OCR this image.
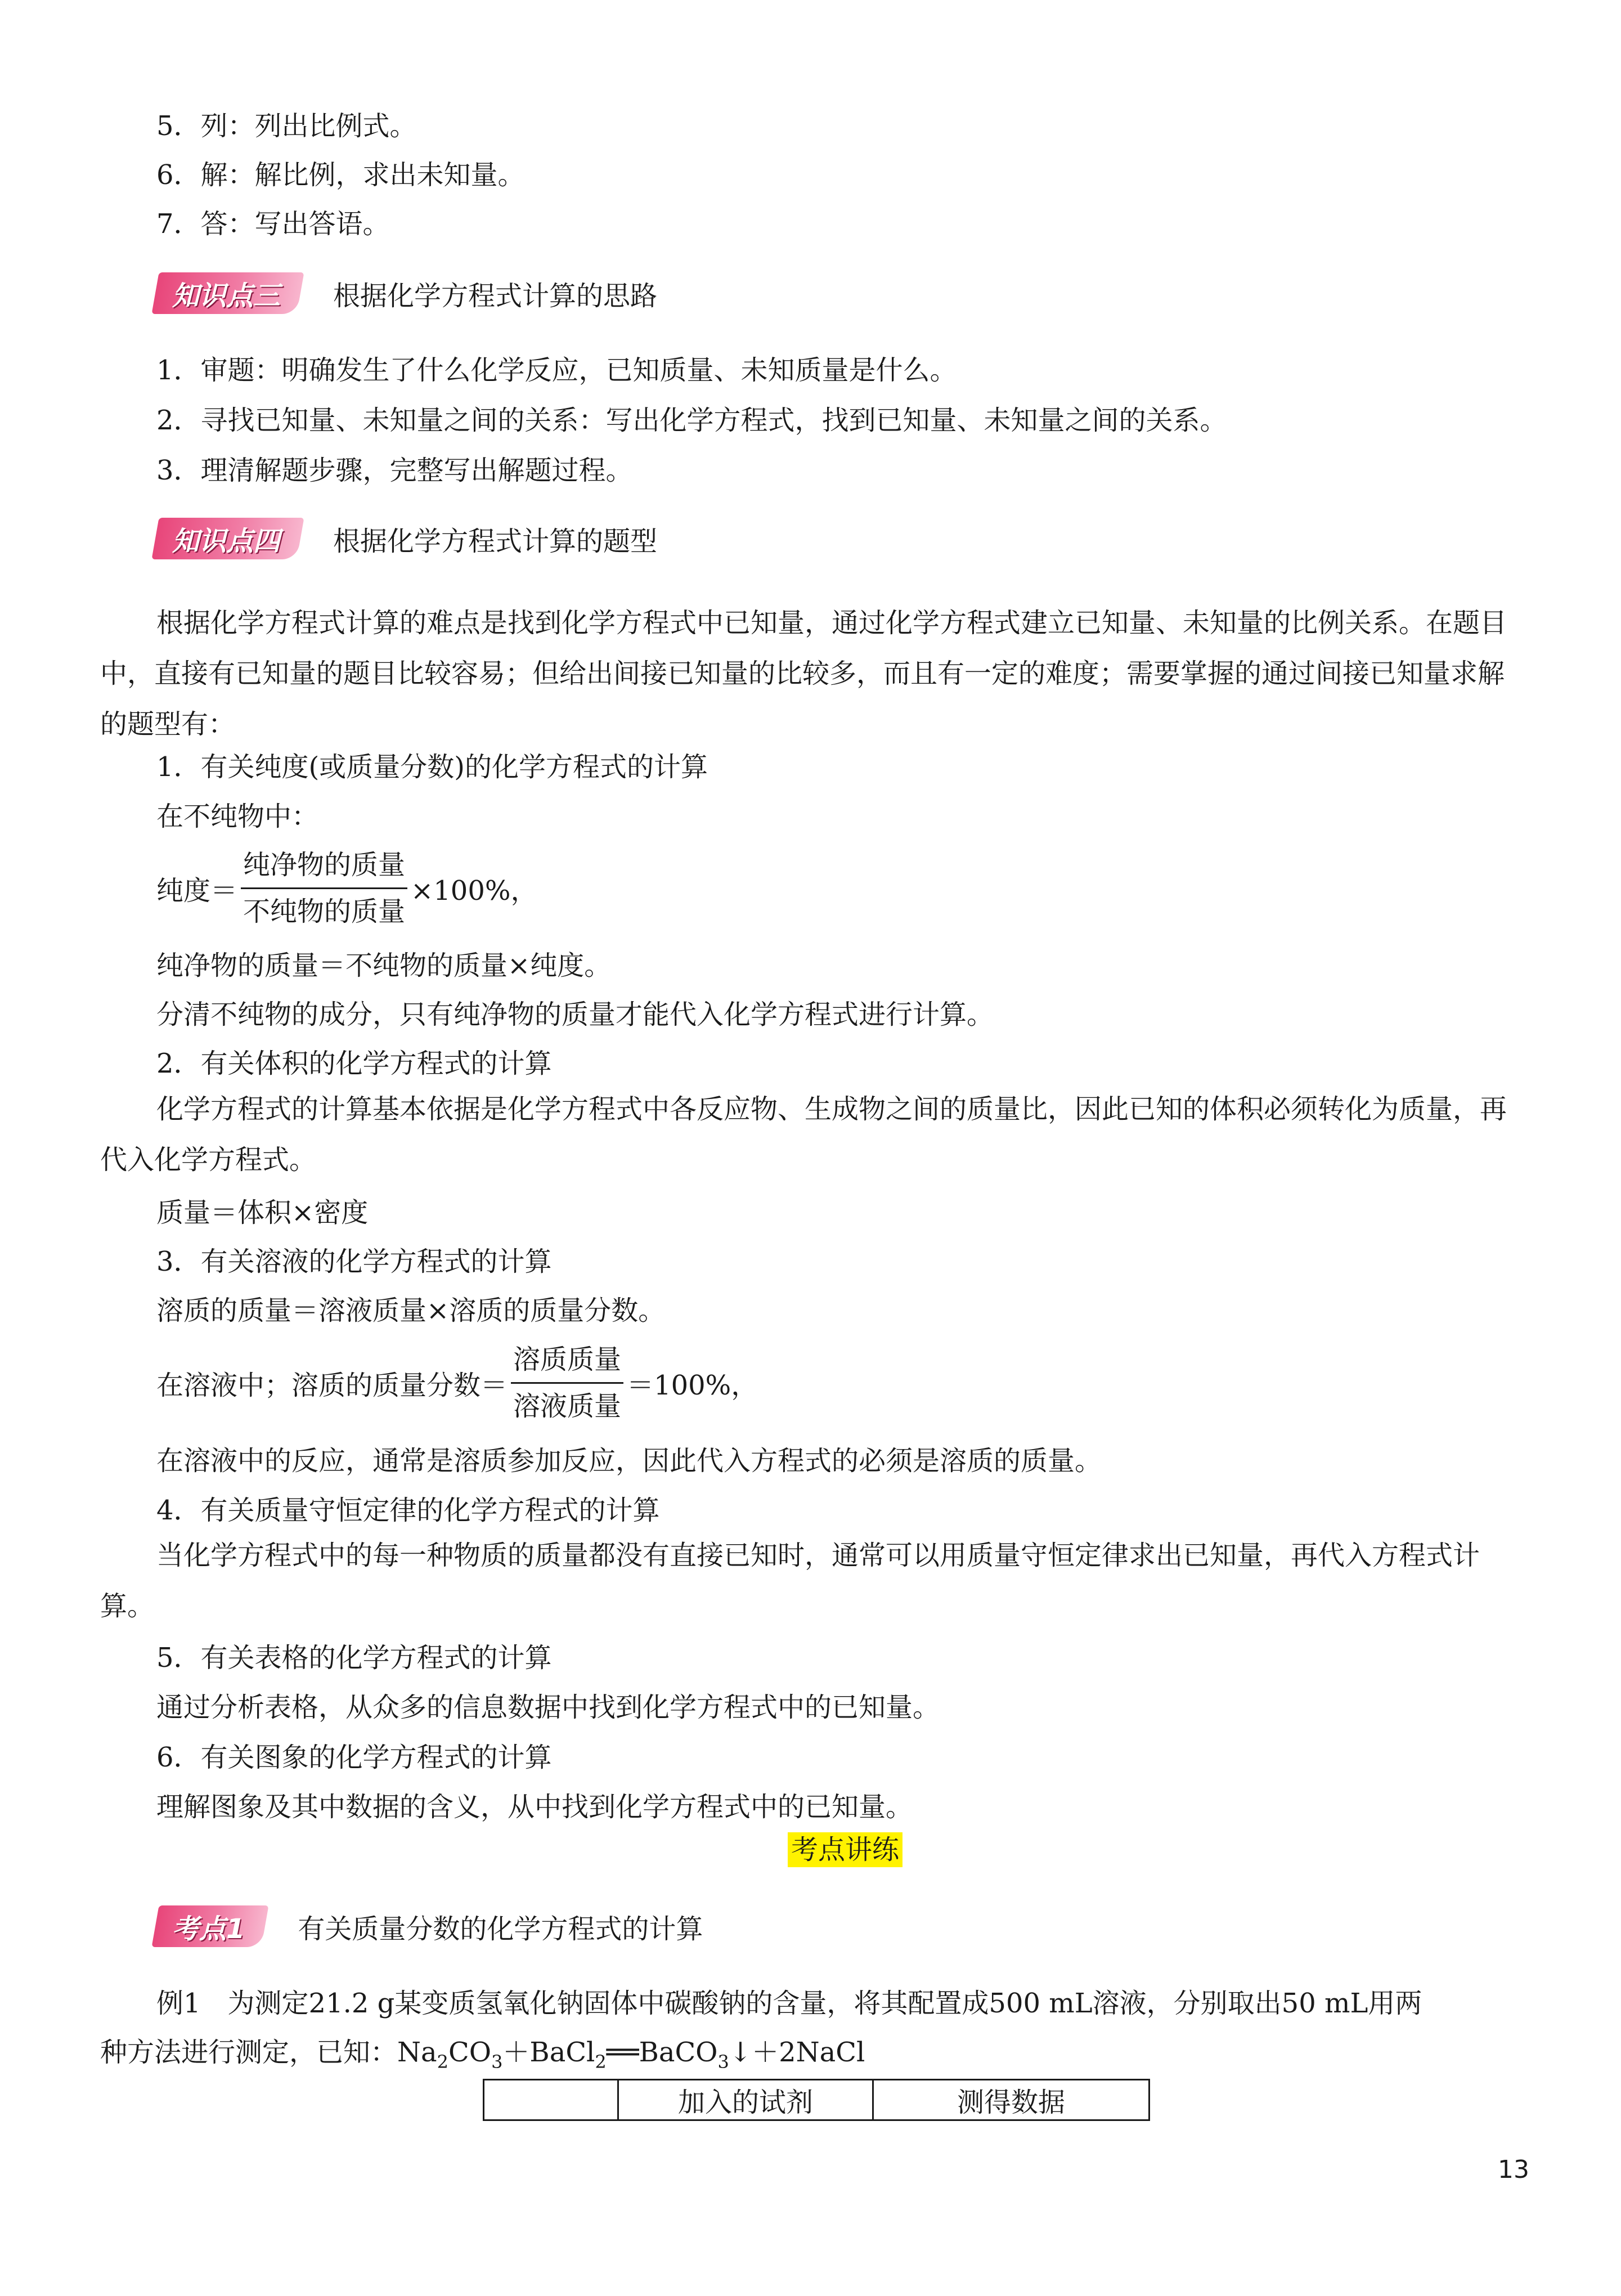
5．列：列出比例式。
6．解：解比例，求出未知量。
7．答：写出答语。
知识点三 根据化学方程式计算的思路
1．审题：明确发生了什么化学反应，已知质量、未知质量是什么。
2．寻找已知量、未知量之间的关系：写出化学方程式，找到已知量、未知量之间的关系。
3．理清解题步骤，完整写出解题过程。
知识点四 根据化学方程式计算的题型
根据化学方程式计算的难点是找到化学方程式中已知量，通过化学方程式建立已知量、未知量的比例关系。在题目中，直接有已知量的题目比较容易；但给出间接已知量的比较多，而且有一定的难度；需要掌握的通过间接已知量求解的题型有：
1．有关纯度(或质量分数)的化学方程式的计算
在不纯物中：
纯度＝ $\frac{\text{纯净物的质量}}{\text{不纯物的质量}} \times 100\%$，
纯净物的质量＝不纯物的质量×纯度。
分清不纯物的成分，只有纯净物的质量才能代入化学方程式进行计算。
2．有关体积的化学方程式的计算
化学方程式的计算基本依据是化学方程式中各反应物、生成物之间的质量比，因此已知的体积必须转化为质量，再代入化学方程式。
质量＝体积×密度
3．有关溶液的化学方程式的计算
溶质的质量＝溶液质量×溶质的质量分数。
在溶液中；溶质的质量分数＝ $\frac{\text{溶质质量}}{\text{溶液质量}} =100\%$，
在溶液中的反应，通常是溶质参加反应，因此代入方程式的必须是溶质的质量。
4．有关质量守恒定律的化学方程式的计算
当化学方程式中的每一种物质的质量都没有直接已知时，通常可以用质量守恒定律求出已知量，再代入方程式计算。
5．有关表格的化学方程式的计算
通过分析表格，从众多的信息数据中找到化学方程式中的已知量。
6．有关图象的化学方程式的计算
理解图象及其中数据的含义，从中找到化学方程式中的已知量。
考点讲练
考点1 有关质量分数的化学方程式的计算
例1　为测定21.2 g某变质氢氧化钠固体中碳酸钠的含量，将其配置成500 mL溶液，分别取出50 mL用两
种方法进行测定，已知：$Na_2CO_3+BaCl_2══BaCO_3↓+2NaCl$
	加入的试剂	测得数据
13
